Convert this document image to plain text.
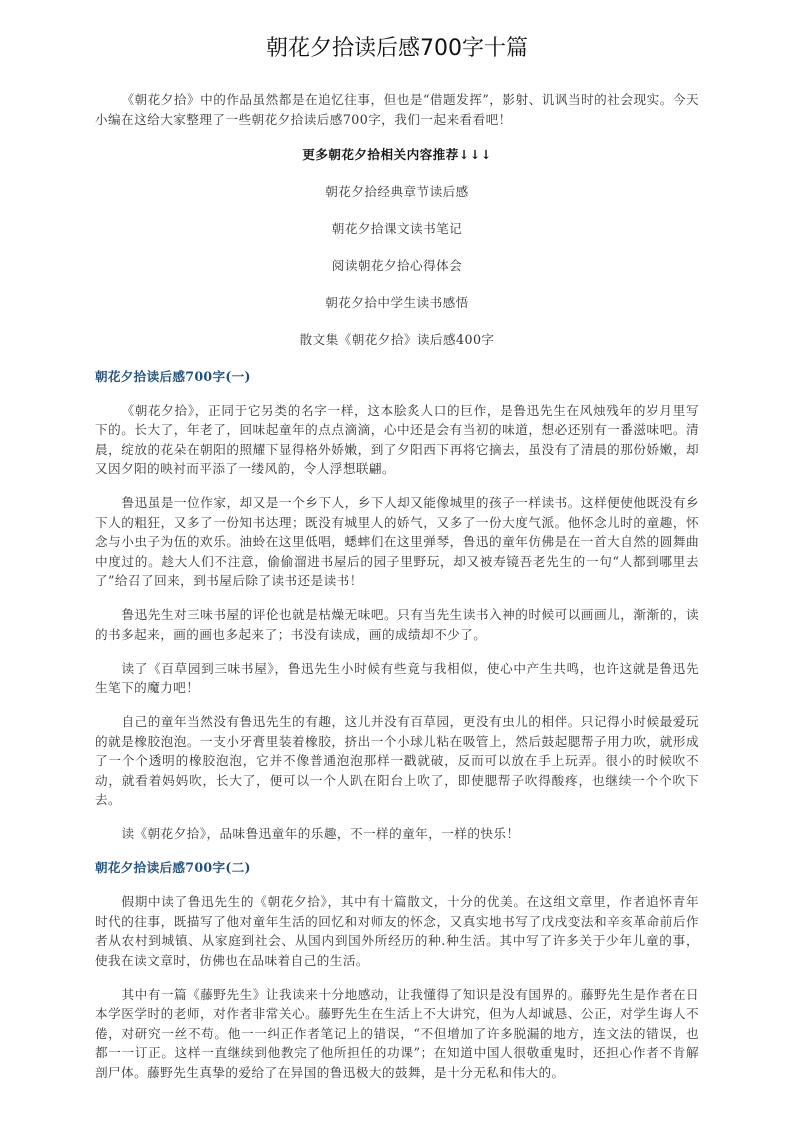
朝花夕拾读后感700字十篇

《朝花夕拾》中的作品虽然都是在追忆往事，但也是“借题发挥”，影射、讥讽当时的社会现实。今天小编在这给大家整理了一些朝花夕拾读后感700字，我们一起来看看吧！

更多朝花夕拾相关内容推荐↓↓↓

朝花夕拾经典章节读后感
朝花夕拾课文读书笔记
阅读朝花夕拾心得体会
朝花夕拾中学生读书感悟
散文集《朝花夕拾》读后感400字
朝花夕拾读后感700字(一)

《朝花夕拾》，正同于它另类的名字一样，这本脍炙人口的巨作，是鲁迅先生在风烛残年的岁月里写下的。长大了，年老了，回味起童年的点点滴滴，心中还是会有当初的味道，想必还别有一番滋味吧。清晨，绽放的花朵在朝阳的照耀下显得格外娇嫩，到了夕阳西下再将它摘去，虽没有了清晨的那份娇嫩，却又因夕阳的映衬而平添了一缕风韵，令人浮想联翩。

鲁迅虽是一位作家，却又是一个乡下人，乡下人却又能像城里的孩子一样读书。这样便使他既没有乡下人的粗狂，又多了一份知书达理；既没有城里人的娇气，又多了一份大度气派。他怀念儿时的童趣，怀念与小虫子为伍的欢乐。油蛉在这里低唱，蟋蟀们在这里弹琴，鲁迅的童年仿佛是在一首大自然的圆舞曲中度过的。趁大人们不注意，偷偷溜进书屋后的园子里野玩，却又被寿镜吾老先生的一句“人都到哪里去了”给召了回来，到书屋后除了读书还是读书！

鲁迅先生对三味书屋的评伦也就是枯燥无味吧。只有当先生读书入神的时候可以画画儿，渐渐的，读的书多起来，画的画也多起来了；书没有读成，画的成绩却不少了。

读了《百草园到三味书屋》，鲁迅先生小时候有些竟与我相似，使心中产生共鸣，也许这就是鲁迅先生笔下的魔力吧！

自己的童年当然没有鲁迅先生的有趣，这儿并没有百草园，更没有虫儿的相伴。只记得小时候最爱玩的就是橡胶泡泡。一支小牙膏里装着橡胶，挤出一个小球儿粘在吸管上，然后鼓起腮帮子用力吹，就形成了一个个透明的橡胶泡泡，它并不像普通泡泡那样一戳就破，反而可以放在手上玩弄。很小的时候吹不动，就看着妈妈吹，长大了，便可以一个人趴在阳台上吹了，即使腮帮子吹得酸疼，也继续一个个吹下去。

读《朝花夕拾》，品味鲁迅童年的乐趣，不一样的童年，一样的快乐！

朝花夕拾读后感700字(二)

假期中读了鲁迅先生的《朝花夕拾》，其中有十篇散文，十分的优美。在这组文章里，作者追怀青年时代的往事，既描写了他对童年生活的回忆和对师友的怀念，又真实地书写了戊戌变法和辛亥革命前后作者从农村到城镇、从家庭到社会、从国内到国外所经历的种.种生活。其中写了许多关于少年儿童的事，使我在读文章时，仿佛也在品味着自己的生活。

其中有一篇《藤野先生》让我读来十分地感动，让我懂得了知识是没有国界的。藤野先生是作者在日本学医学时的老师，对作者非常关心。藤野先生在生活上不大讲究，但为人却诚恳、公正，对学生诲人不倦，对研究一丝不苟。他一一纠正作者笔记上的错误，“不但增加了许多脱漏的地方，连文法的错误，也都一一订正。这样一直继续到他教完了他所担任的功课”；在知道中国人很敬重鬼时，还担心作者不肯解剖尸体。藤野先生真挚的爱给了在异国的鲁迅极大的鼓舞，是十分无私和伟大的。
